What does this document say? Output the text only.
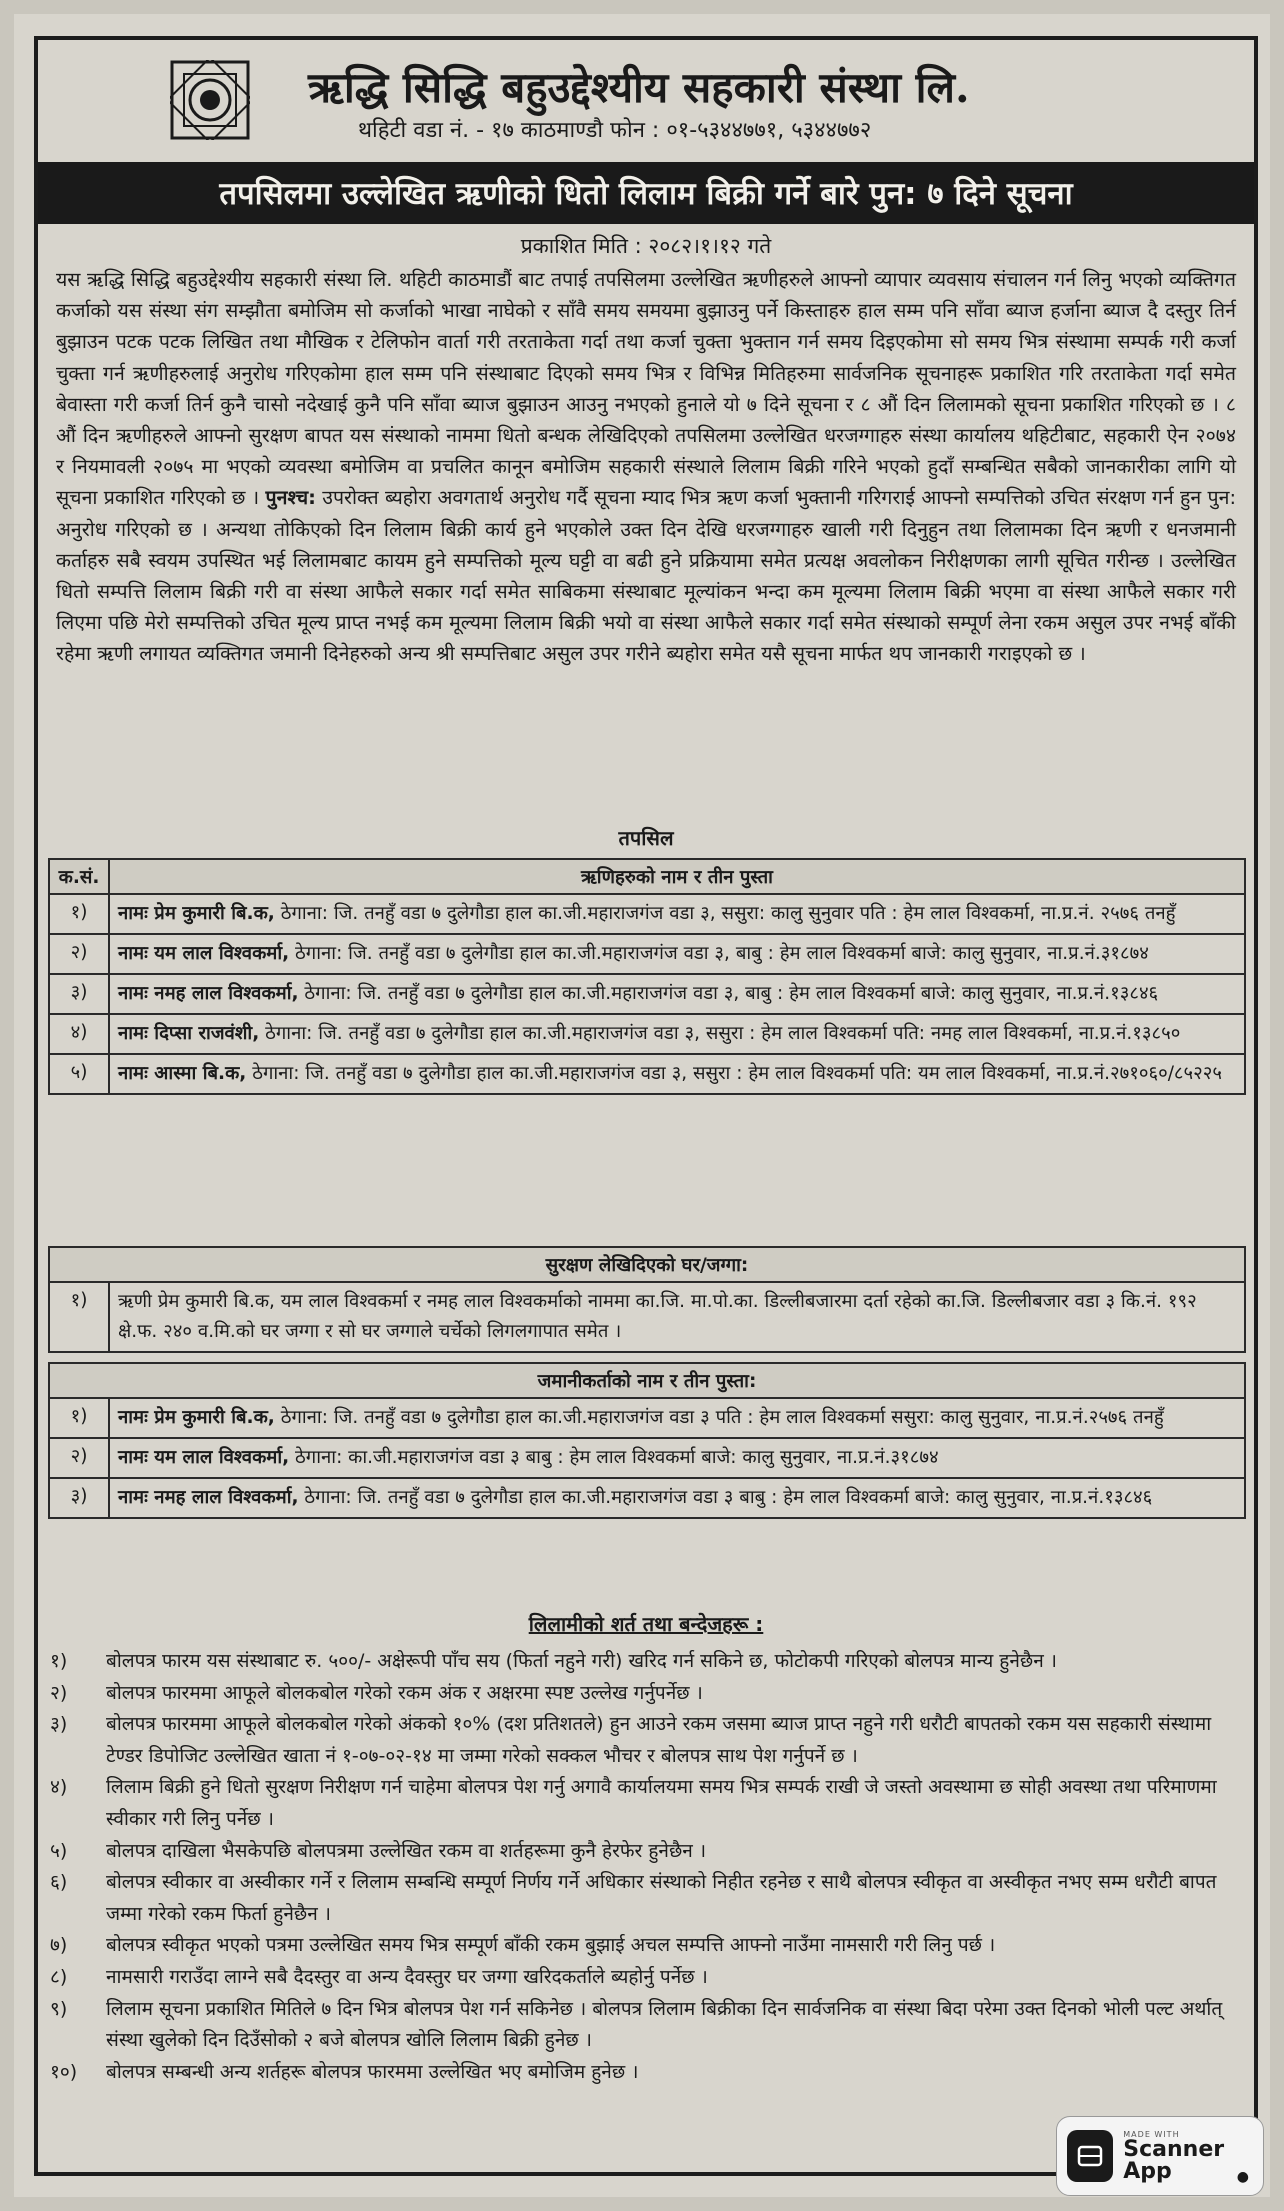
ऋद्धि सिद्धि बहुउद्देश्यीय सहकारी संस्था लि.
थहिटी वडा नं. - १७ काठमाण्डौ फोन : ०१-५३४४७७१, ५३४४७७२
तपसिलमा उल्लेखित ऋणीको धितो लिलाम बिक्री गर्ने बारे पुन: ७ दिने सूचना
प्रकाशित मिति : २०८२।१।१२ गते

यस ऋद्धि सिद्धि बहुउद्देश्यीय सहकारी संस्था लि. थहिटी काठमाडौं बाट तपाई तपसिलमा उल्लेखित ऋणीहरुले आफ्नो व्यापार व्यवसाय संचालन गर्न लिनु भएको व्यक्तिगत कर्जाको यस संस्था संग सम्झौता बमोजिम सो कर्जाको भाखा नाघेको र साँवै समय समयमा बुझाउनु पर्ने किस्ताहरु हाल सम्म पनि साँवा ब्याज हर्जाना ब्याज दै दस्तुर तिर्न बुझाउन पटक पटक लिखित तथा मौखिक र टेलिफोन वार्ता गरी तरताकेता गर्दा तथा कर्जा चुक्ता भुक्तान गर्न समय दिइएकोमा सो समय भित्र संस्थामा सम्पर्क गरी कर्जा चुक्ता गर्न ऋणीहरुलाई अनुरोध गरिएकोमा हाल सम्म पनि संस्थाबाट दिएको समय भित्र र विभिन्न मितिहरुमा सार्वजनिक सूचनाहरू प्रकाशित गरि तरताकेता गर्दा समेत बेवास्ता गरी कर्जा तिर्न कुनै चासो नदेखाई कुनै पनि साँवा ब्याज बुझाउन आउनु नभएको हुनाले यो ७ दिने सूचना र ८ औं दिन लिलामको सूचना प्रकाशित गरिएको छ । ८ औं दिन ऋणीहरुले आफ्नो सुरक्षण बापत यस संस्थाको नाममा धितो बन्धक लेखिदिएको तपसिलमा उल्लेखित धरजग्गाहरु संस्था कार्यालय थहिटीबाट, सहकारी ऐन २०७४ र नियमावली २०७५ मा भएको व्यवस्था बमोजिम वा प्रचलित कानून बमोजिम सहकारी संस्थाले लिलाम बिक्री गरिने भएको हुदाँ सम्बन्धित सबैको जानकारीका लागि यो सूचना प्रकाशित गरिएको छ । पुनश्च: उपरोक्त ब्यहोरा अवगतार्थ अनुरोध गर्दै सूचना म्याद भित्र ऋण कर्जा भुक्तानी गरिगराई आफ्नो सम्पत्तिको उचित संरक्षण गर्न हुन पुन: अनुरोध गरिएको छ । अन्यथा तोकिएको दिन लिलाम बिक्री कार्य हुने भएकोले उक्त दिन देखि धरजग्गाहरु खाली गरी दिनुहुन तथा लिलामका दिन ऋणी र धनजमानी कर्ताहरु सबै स्वयम उपस्थित भई लिलामबाट कायम हुने सम्पत्तिको मूल्य घट्टी वा बढी हुने प्रक्रियामा समेत प्रत्यक्ष अवलोकन निरीक्षणका लागी सूचित गरीन्छ । उल्लेखित धितो सम्पत्ति लिलाम बिक्री गरी वा संस्था आफैले सकार गर्दा समेत साबिकमा संस्थाबाट मूल्यांकन भन्दा कम मूल्यमा लिलाम बिक्री भएमा वा संस्था आफैले सकार गरी लिएमा पछि मेरो सम्पत्तिको उचित मूल्य प्राप्त नभई कम मूल्यमा लिलाम बिक्री भयो वा संस्था आफैले सकार गर्दा समेत संस्थाको सम्पूर्ण लेना रकम असुल उपर नभई बाँकी रहेमा ऋणी लगायत व्यक्तिगत जमानी दिनेहरुको अन्य श्री सम्पत्तिबाट असुल उपर गरीने ब्यहोरा समेत यसै सूचना मार्फत थप जानकारी गराइएको छ ।

तपसिल
क.सं.	ऋणिहरुको नाम र तीन पुस्ता
१)	नामः प्रेम कुमारी बि.क, ठेगाना: जि. तनहुँ वडा ७ दुलेगौडा हाल का.जी.महाराजगंज वडा ३, ससुरा: कालु सुनुवार पति : हेम लाल विश्वकर्मा, ना.प्र.नं. २५७६ तनहुँ
२)	नामः यम लाल विश्वकर्मा, ठेगाना: जि. तनहुँ वडा ७ दुलेगौडा हाल का.जी.महाराजगंज वडा ३, बाबु : हेम लाल विश्वकर्मा बाजे: कालु सुनुवार, ना.प्र.नं.३१८७४
३)	नामः नमह लाल विश्वकर्मा, ठेगाना: जि. तनहुँ वडा ७ दुलेगौडा हाल का.जी.महाराजगंज वडा ३, बाबु : हेम लाल विश्वकर्मा बाजे: कालु सुनुवार, ना.प्र.नं.१३८४६
४)	नामः दिप्सा राजवंशी, ठेगाना: जि. तनहुँ वडा ७ दुलेगौडा हाल का.जी.महाराजगंज वडा ३, ससुरा : हेम लाल विश्वकर्मा पति: नमह लाल विश्वकर्मा, ना.प्र.नं.१३८५०
५)	नामः आस्मा बि.क, ठेगाना: जि. तनहुँ वडा ७ दुलेगौडा हाल का.जी.महाराजगंज वडा ३, ससुरा : हेम लाल विश्वकर्मा पति: यम लाल विश्वकर्मा, ना.प्र.नं.२७१०६०/८५२२५
सुरक्षण लेखिदिएको घर/जग्गा:
१)	ऋणी प्रेम कुमारी बि.क, यम लाल विश्वकर्मा र नमह लाल विश्वकर्माको नाममा का.जि. मा.पो.का. डिल्लीबजारमा दर्ता रहेको का.जि. डिल्लीबजार वडा ३ कि.नं. १९२ क्षे.फ. २४० व.मि.को घर जग्गा र सो घर जग्गाले चर्चेको लिगलगापात समेत ।
जमानीकर्ताको नाम र तीन पुस्ता:	
१)	नामः प्रेम कुमारी बि.क, ठेगाना: जि. तनहुँ वडा ७ दुलेगौडा हाल का.जी.महाराजगंज वडा ३ पति : हेम लाल विश्वकर्मा ससुरा: कालु सुनुवार, ना.प्र.नं.२५७६ तनहुँ
२)	नामः यम लाल विश्वकर्मा, ठेगाना: का.जी.महाराजगंज वडा ३ बाबु : हेम लाल विश्वकर्मा बाजे: कालु सुनुवार, ना.प्र.नं.३१८७४
३)	नामः नमह लाल विश्वकर्मा, ठेगाना: जि. तनहुँ वडा ७ दुलेगौडा हाल का.जी.महाराजगंज वडा ३ बाबु : हेम लाल विश्वकर्मा बाजे: कालु सुनुवार, ना.प्र.नं.१३८४६
लिलामीको शर्त तथा बन्देजहरू :
१)	बोलपत्र फारम यस संस्थाबाट रु. ५००/- अक्षेरूपी पाँच सय (फिर्ता नहुने गरी) खरिद गर्न सकिने छ, फोटोकपी गरिएको बोलपत्र मान्य हुनेछैन ।
२)	बोलपत्र फारममा आफूले बोलकबोल गरेको रकम अंक र अक्षरमा स्पष्ट उल्लेख गर्नुपर्नेछ ।
३)	बोलपत्र फारममा आफूले बोलकबोल गरेको अंकको १०% (दश प्रतिशतले) हुन आउने रकम जसमा ब्याज प्राप्त नहुने गरी धरौटी बापतको रकम यस सहकारी संस्थामा टेण्डर डिपोजिट उल्लेखित खाता नं १-०७-०२-१४ मा जम्मा गरेको सक्कल भौचर र बोलपत्र साथ पेश गर्नुपर्ने छ ।
४)	लिलाम बिक्री हुने धितो सुरक्षण निरीक्षण गर्न चाहेमा बोलपत्र पेश गर्नु अगावै कार्यालयमा समय भित्र सम्पर्क राखी जे जस्तो अवस्थामा छ सोही अवस्था तथा परिमाणमा स्वीकार गरी लिनु पर्नेछ ।
५)	बोलपत्र दाखिला भैसकेपछि बोलपत्रमा उल्लेखित रकम वा शर्तहरूमा कुनै हेरफेर हुनेछैन ।
६)	बोलपत्र स्वीकार वा अस्वीकार गर्ने र लिलाम सम्बन्धि सम्पूर्ण निर्णय गर्ने अधिकार संस्थाको निहीत रहनेछ र साथै बोलपत्र स्वीकृत वा अस्वीकृत नभए सम्म धरौटी बापत जम्मा गरेको रकम फिर्ता हुनेछैन ।
७)	बोलपत्र स्वीकृत भएको पत्रमा उल्लेखित समय भित्र सम्पूर्ण बाँकी रकम बुझाई अचल सम्पत्ति आफ्नो नाउँमा नामसारी गरी लिनु पर्छ ।
८)	नामसारी गराउँदा लाग्ने सबै दैदस्तुर वा अन्य दैवस्तुर घर जग्गा खरिदकर्ताले ब्यहोर्नु पर्नेछ ।
९)	लिलाम सूचना प्रकाशित मितिले ७ दिन भित्र बोलपत्र पेश गर्न सकिनेछ । बोलपत्र लिलाम बिक्रीका दिन सार्वजनिक वा संस्था बिदा परेमा उक्त दिनको भोली पल्ट अर्थात् संस्था खुलेको दिन दिउँसोको २ बजे बोलपत्र खोलि लिलाम बिक्री हुनेछ ।
१०)	बोलपत्र सम्बन्धी अन्य शर्तहरू बोलपत्र फारममा उल्लेखित भए बमोजिम हुनेछ ।
MADE WITH
Scanner App	●
